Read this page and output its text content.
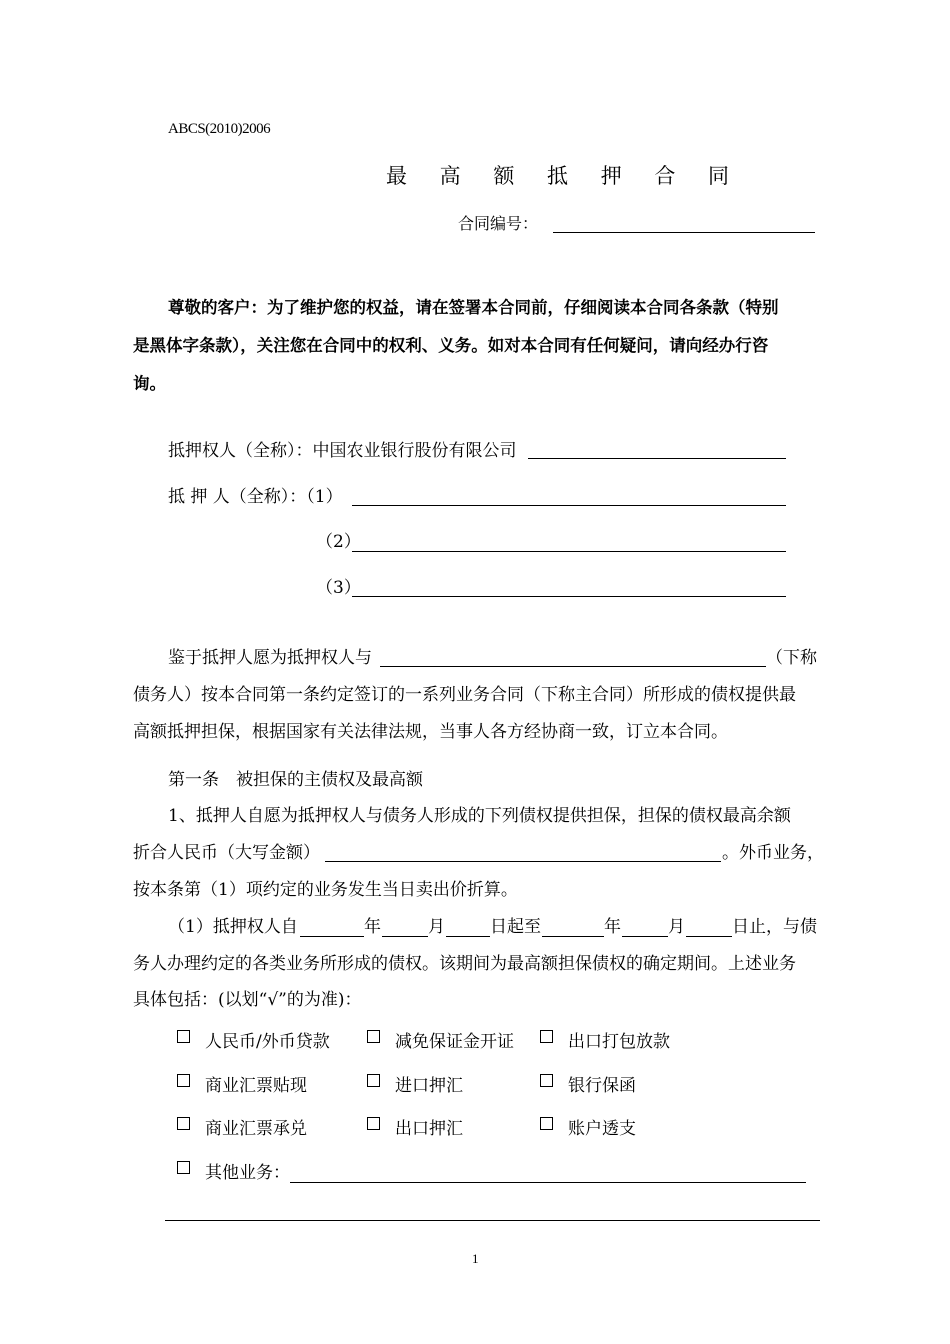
ABCS(2010)2006
最 高 额 抵 押 合 同
合同编号：
尊敬的客户：为了维护您的权益，请在签署本合同前，仔细阅读本合同各条款（特别
是黑体字条款），关注您在合同中的权利、义务。如对本合同有任何疑问，请向经办行咨
询。
抵押权人（全称）：中国农业银行股份有限公司
抵 押 人（全称）：（1）
（2）
（3）
鉴于抵押人愿为抵押权人与	（下称
债务人）按本合同第一条约定签订的一系列业务合同（下称主合同）所形成的债权提供最
高额抵押担保，根据国家有关法律法规，当事人各方经协商一致，订立本合同。
第一条　被担保的主债权及最高额
1、抵押人自愿为抵押权人与债务人形成的下列债权提供担保，担保的债权最高余额
折合人民币（大写金额）	。外币业务，
按本条第（1）项约定的业务发生当日卖出价折算。
（1）抵押权人自	年	月	日起至	年	月	日止，与债
务人办理约定的各类业务所形成的债权。该期间为最高额担保债权的确定期间。上述业务
具体包括：(以划“√”的为准)：
人民币/外币贷款	减免保证金开证	出口打包放款
商业汇票贴现	进口押汇	银行保函
商业汇票承兑	出口押汇	账户透支
其他业务：
1
